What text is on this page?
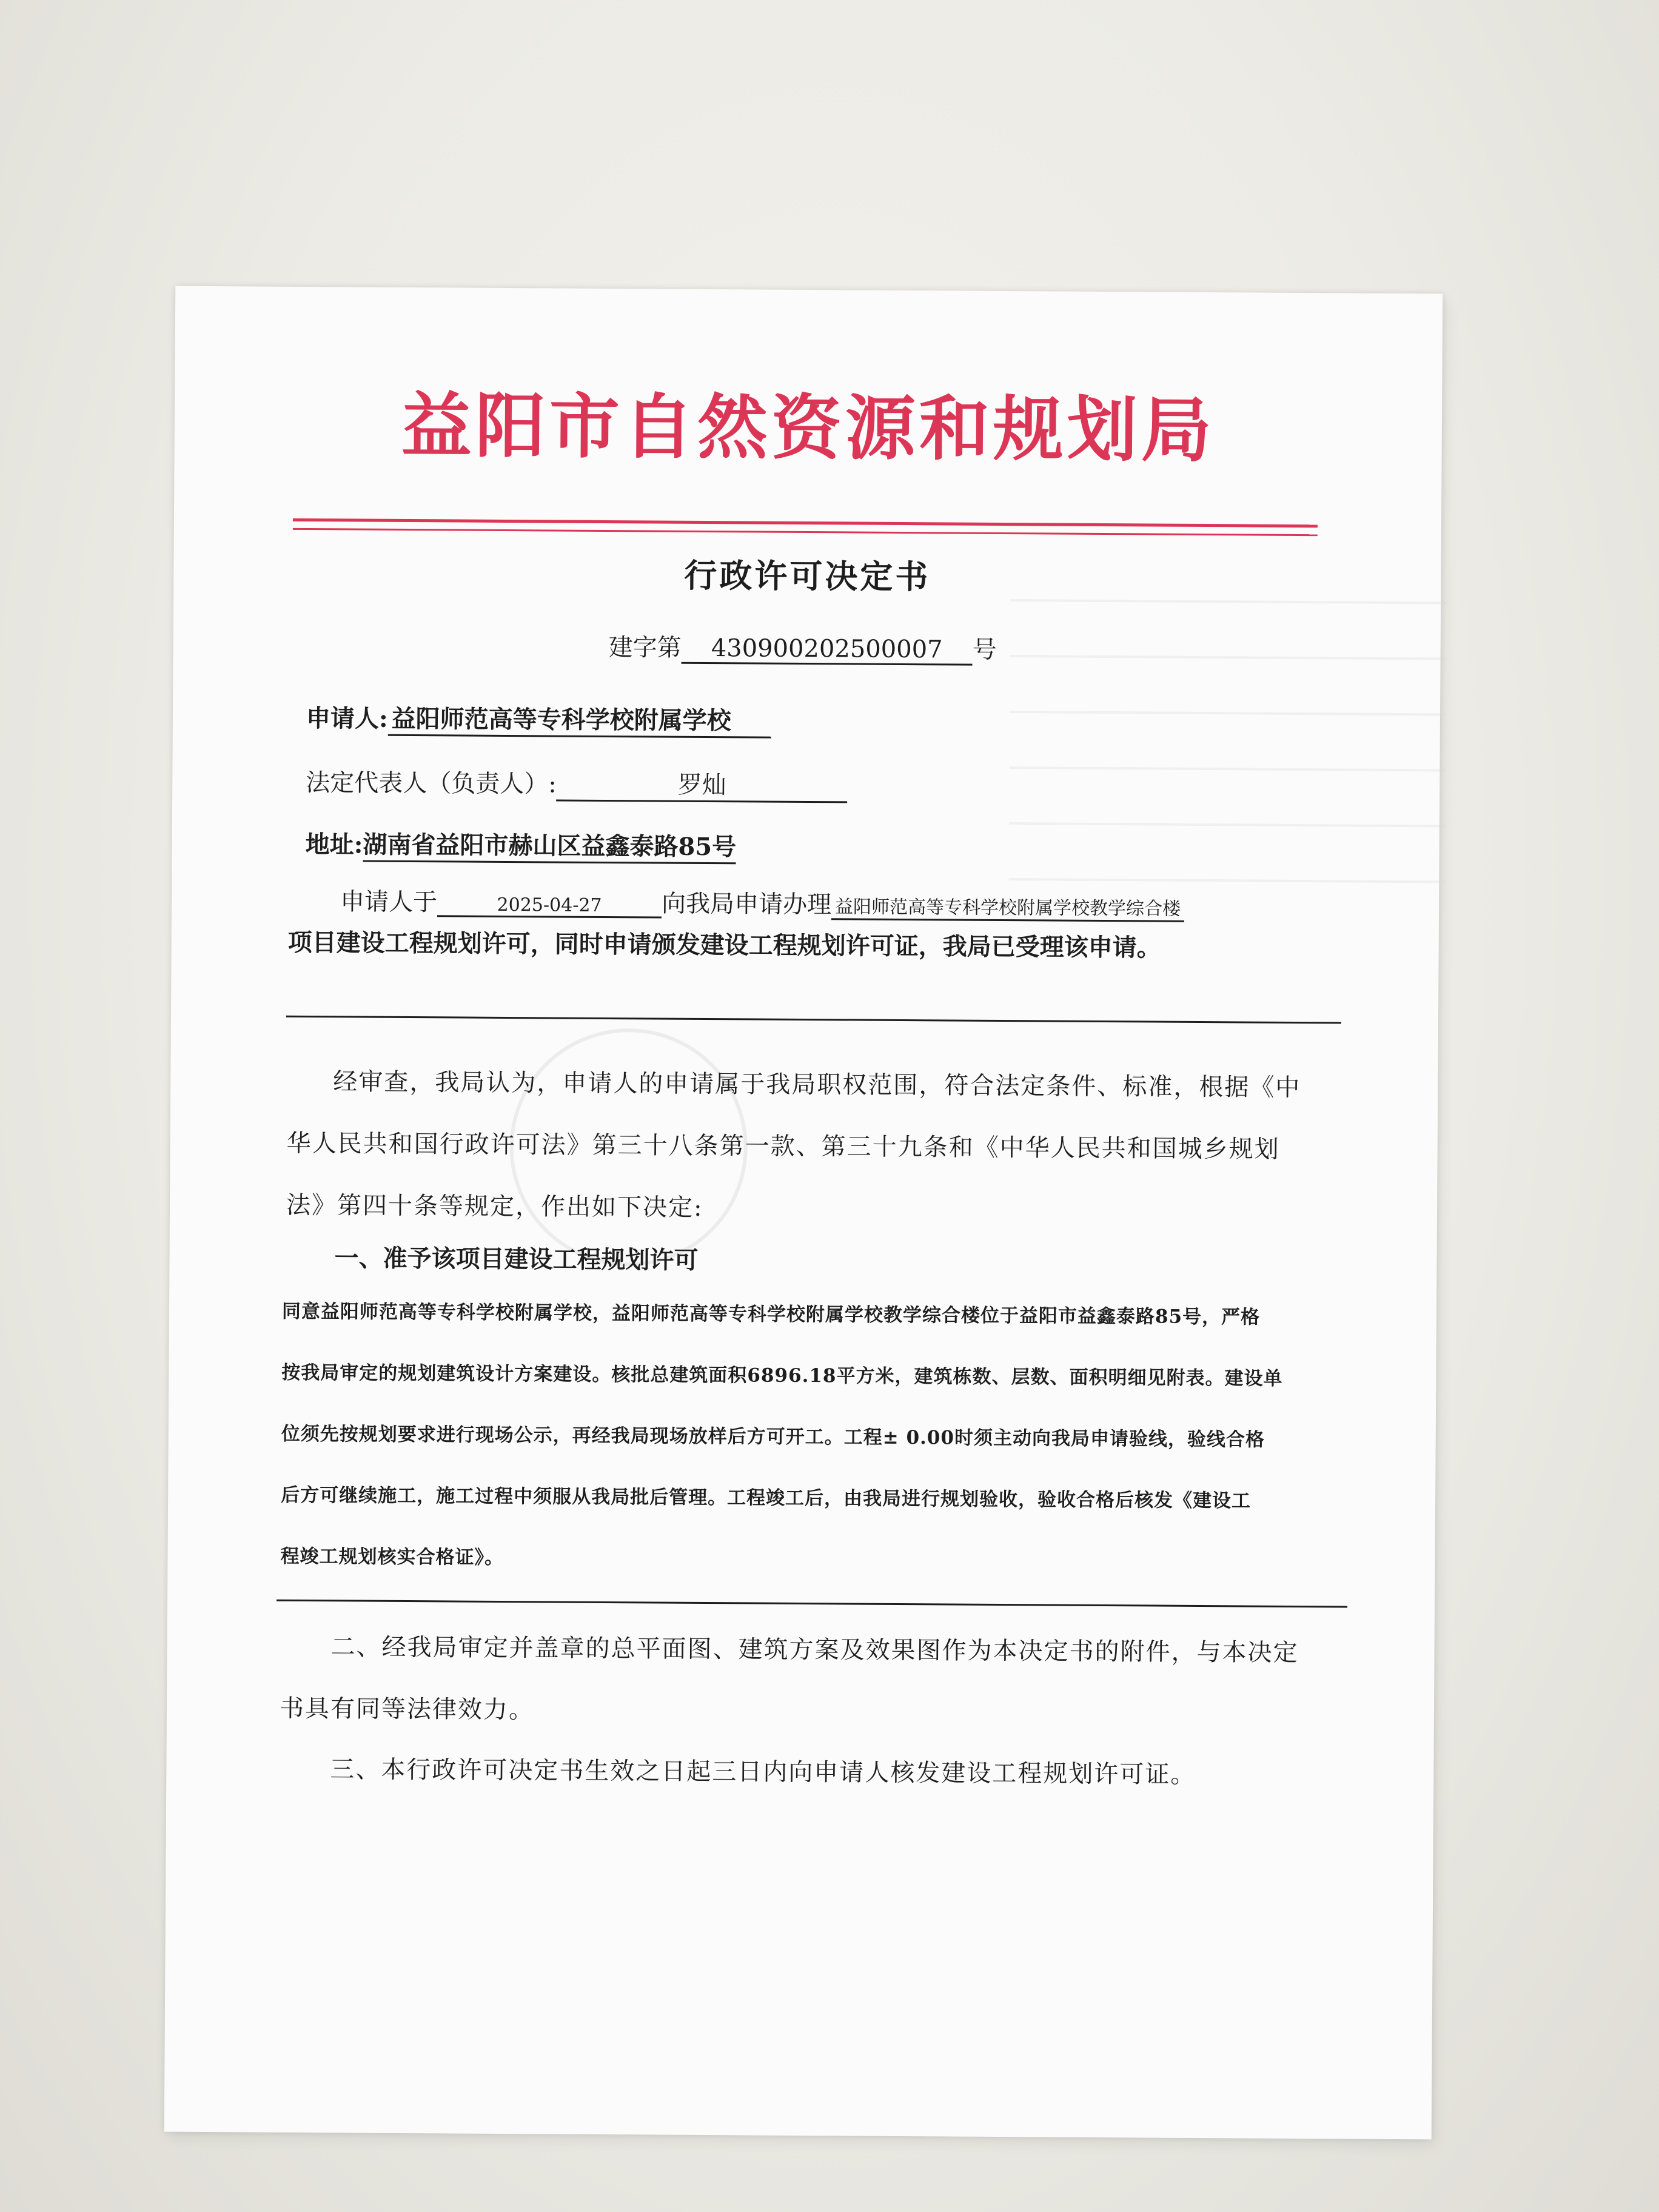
益阳市自然资源和规划局
行政许可决定书
建字第 430900202500007 号
申请人: 益阳师范高等专科学校附属学校
法定代表人（负责人）:	罗灿
地址:湖南省益阳市赫山区益鑫泰路85号
申请人于	2025-04-27 向我局申请办理 益阳师范高等专科学校附属学校教学综合楼
项目建设工程规划许可，同时申请颁发建设工程规划许可证，我局已受理该申请。
经审查，我局认为，申请人的申请属于我局职权范围，符合法定条件、标准，根据《中
华人民共和国行政许可法》第三十八条第一款、第三十九条和《中华人民共和国城乡规划
法》第四十条等规定，作出如下决定:
一、准予该项目建设工程规划许可
同意益阳师范高等专科学校附属学校，益阳师范高等专科学校附属学校教学综合楼位于益阳市益鑫泰路85号，严格
按我局审定的规划建筑设计方案建设。核批总建筑面积6896.18平方米，建筑栋数、层数、面积明细见附表。建设单
位须先按规划要求进行现场公示，再经我局现场放样后方可开工。工程± 0.00时须主动向我局申请验线，验线合格
后方可继续施工，施工过程中须服从我局批后管理。工程竣工后，由我局进行规划验收，验收合格后核发《建设工
程竣工规划核实合格证》。
二、经我局审定并盖章的总平面图、建筑方案及效果图作为本决定书的附件，与本决定
书具有同等法律效力。
三、本行政许可决定书生效之日起三日内向申请人核发建设工程规划许可证。
